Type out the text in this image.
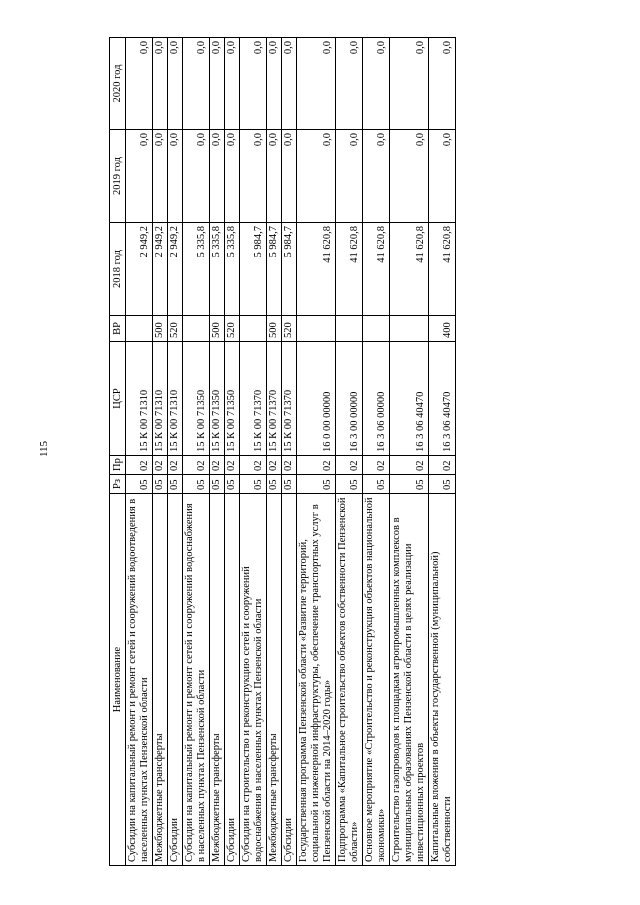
115
Наименование	Рз	Пр	ЦСР	ВР	2018 год	2019 год	2020 год
Субсидии на капитальный ремонт и ремонт сетей и сооружений водоотведения в населенных пунктах Пензенской области	05	02	15 К 00 71310		2 949,2	0,0	0,0
Межбюджетные трансферты	05	02	15 К 00 71310	500	2 949,2	0,0	0,0
Субсидии	05	02	15 К 00 71310	520	2 949,2	0,0	0,0
Субсидии на капитальный ремонт и ремонт сетей и сооружений водоснабжения в населенных пунктах Пензенской области	05	02	15 К 00 71350		5 335,8	0,0	0,0
Межбюджетные трансферты	05	02	15 К 00 71350	500	5 335,8	0,0	0,0
Субсидии	05	02	15 К 00 71350	520	5 335,8	0,0	0,0
Субсидии на строительство и реконструкцию сетей и сооружений водоснабжения в населенных пунктах Пензенской области	05	02	15 К 00 71370		5 984,7	0,0	0,0
Межбюджетные трансферты	05	02	15 К 00 71370	500	5 984,7	0,0	0,0
Субсидии	05	02	15 К 00 71370	520	5 984,7	0,0	0,0
Государственная программа Пензенской области «Развитие территорий, социальной и инженерной инфраструктуры, обеспечение транспортных услуг в Пензенской области на 2014–2020 годы»	05	02	16 0 00 00000		41 620,8	0,0	0,0
Подпрограмма «Капитальное строительство объектов собственности Пензенской области»	05	02	16 3 00 00000		41 620,8	0,0	0,0
Основное мероприятие «Строительство и реконструкция объектов национальной экономики»	05	02	16 3 06 00000		41 620,8	0,0	0,0
Строительство газопроводов к площадкам агропромышленных комплексов в муниципальных образованиях Пензенской области в целях реализации инвестиционных проектов	05	02	16 3 06 40470		41 620,8	0,0	0,0
Капитальные вложения в объекты государственной (муниципальной) собственности	05	02	16 3 06 40470	400	41 620,8	0,0	0,0
